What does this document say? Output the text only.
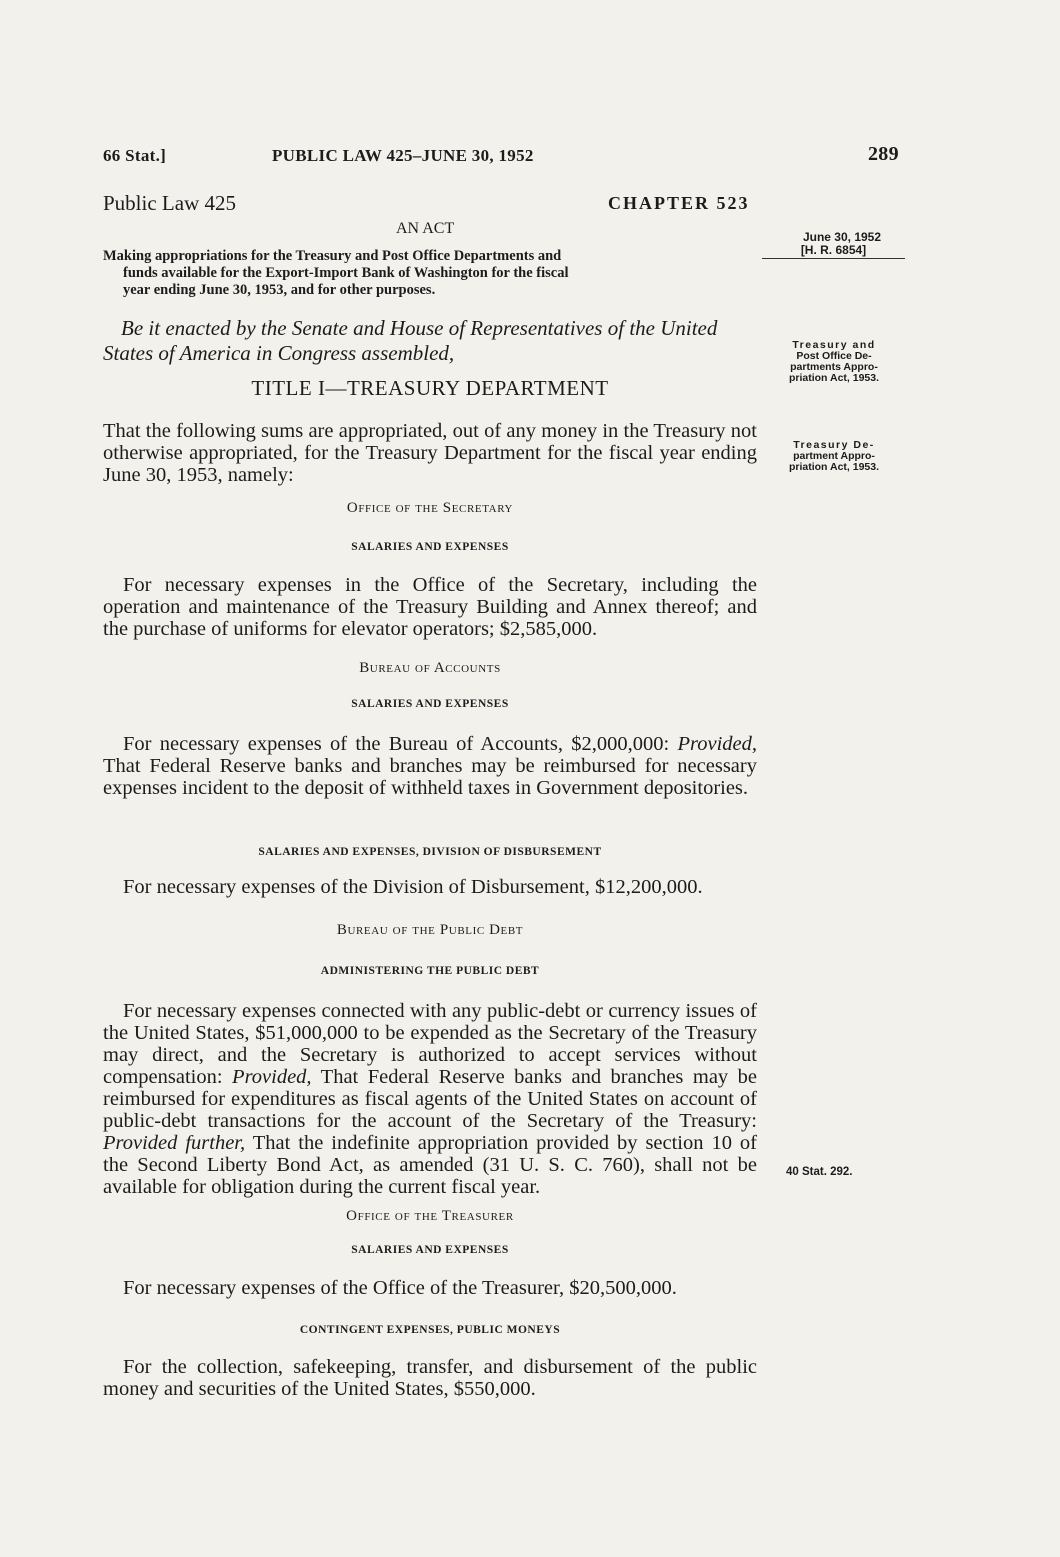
66 Stat.]	PUBLIC LAW 425–JUNE 30, 1952	289
Public Law 425	CHAPTER 523
AN ACT	June 30, 1952
[H. R. 6854]
Making appropriations for the Treasury and Post Office Departments and
funds available for the Export-Import Bank of Washington for the fiscal
year ending June 30, 1953, and for other purposes.
Be it enacted by the Senate and House of Representatives of the United States of America in Congress assembled,	Treasury and
Post Office De-
partments Appro-
priation Act, 1953.
TITLE I—TREASURY DEPARTMENT
That the following sums are appropriated, out of any money in the Treasury not otherwise appropriated, for the Treasury Department for the fiscal year ending June 30, 1953, namely:
Treasury De-
partment Appro-
priation Act, 1953.
Office of the Secretary
SALARIES AND EXPENSES
For necessary expenses in the Office of the Secretary, including the operation and maintenance of the Treasury Building and Annex thereof; and the purchase of uniforms for elevator operators; $2,585,000.
Bureau of Accounts
SALARIES AND EXPENSES
For necessary expenses of the Bureau of Accounts, $2,000,000: Provided, That Federal Reserve banks and branches may be reimbursed for necessary expenses incident to the deposit of withheld taxes in Government depositories.
SALARIES AND EXPENSES, DIVISION OF DISBURSEMENT
For necessary expenses of the Division of Disbursement, $12,200,000.
Bureau of the Public Debt
ADMINISTERING THE PUBLIC DEBT
For necessary expenses connected with any public-debt or currency issues of the United States, $51,000,000 to be expended as the Secretary of the Treasury may direct, and the Secretary is authorized to accept services without compensation: Provided, That Federal Reserve banks and branches may be reimbursed for expenditures as fiscal agents of the United States on account of public-debt transactions for the account of the Secretary of the Treasury: Provided further, That the indefinite appropriation provided by section 10 of the Second Liberty Bond Act, as amended (31 U. S. C. 760), shall not be available for obligation during the current fiscal year.
40 Stat. 292.
Office of the Treasurer
SALARIES AND EXPENSES
For necessary expenses of the Office of the Treasurer, $20,500,000.
CONTINGENT EXPENSES, PUBLIC MONEYS
For the collection, safekeeping, transfer, and disbursement of the public money and securities of the United States, $550,000.
